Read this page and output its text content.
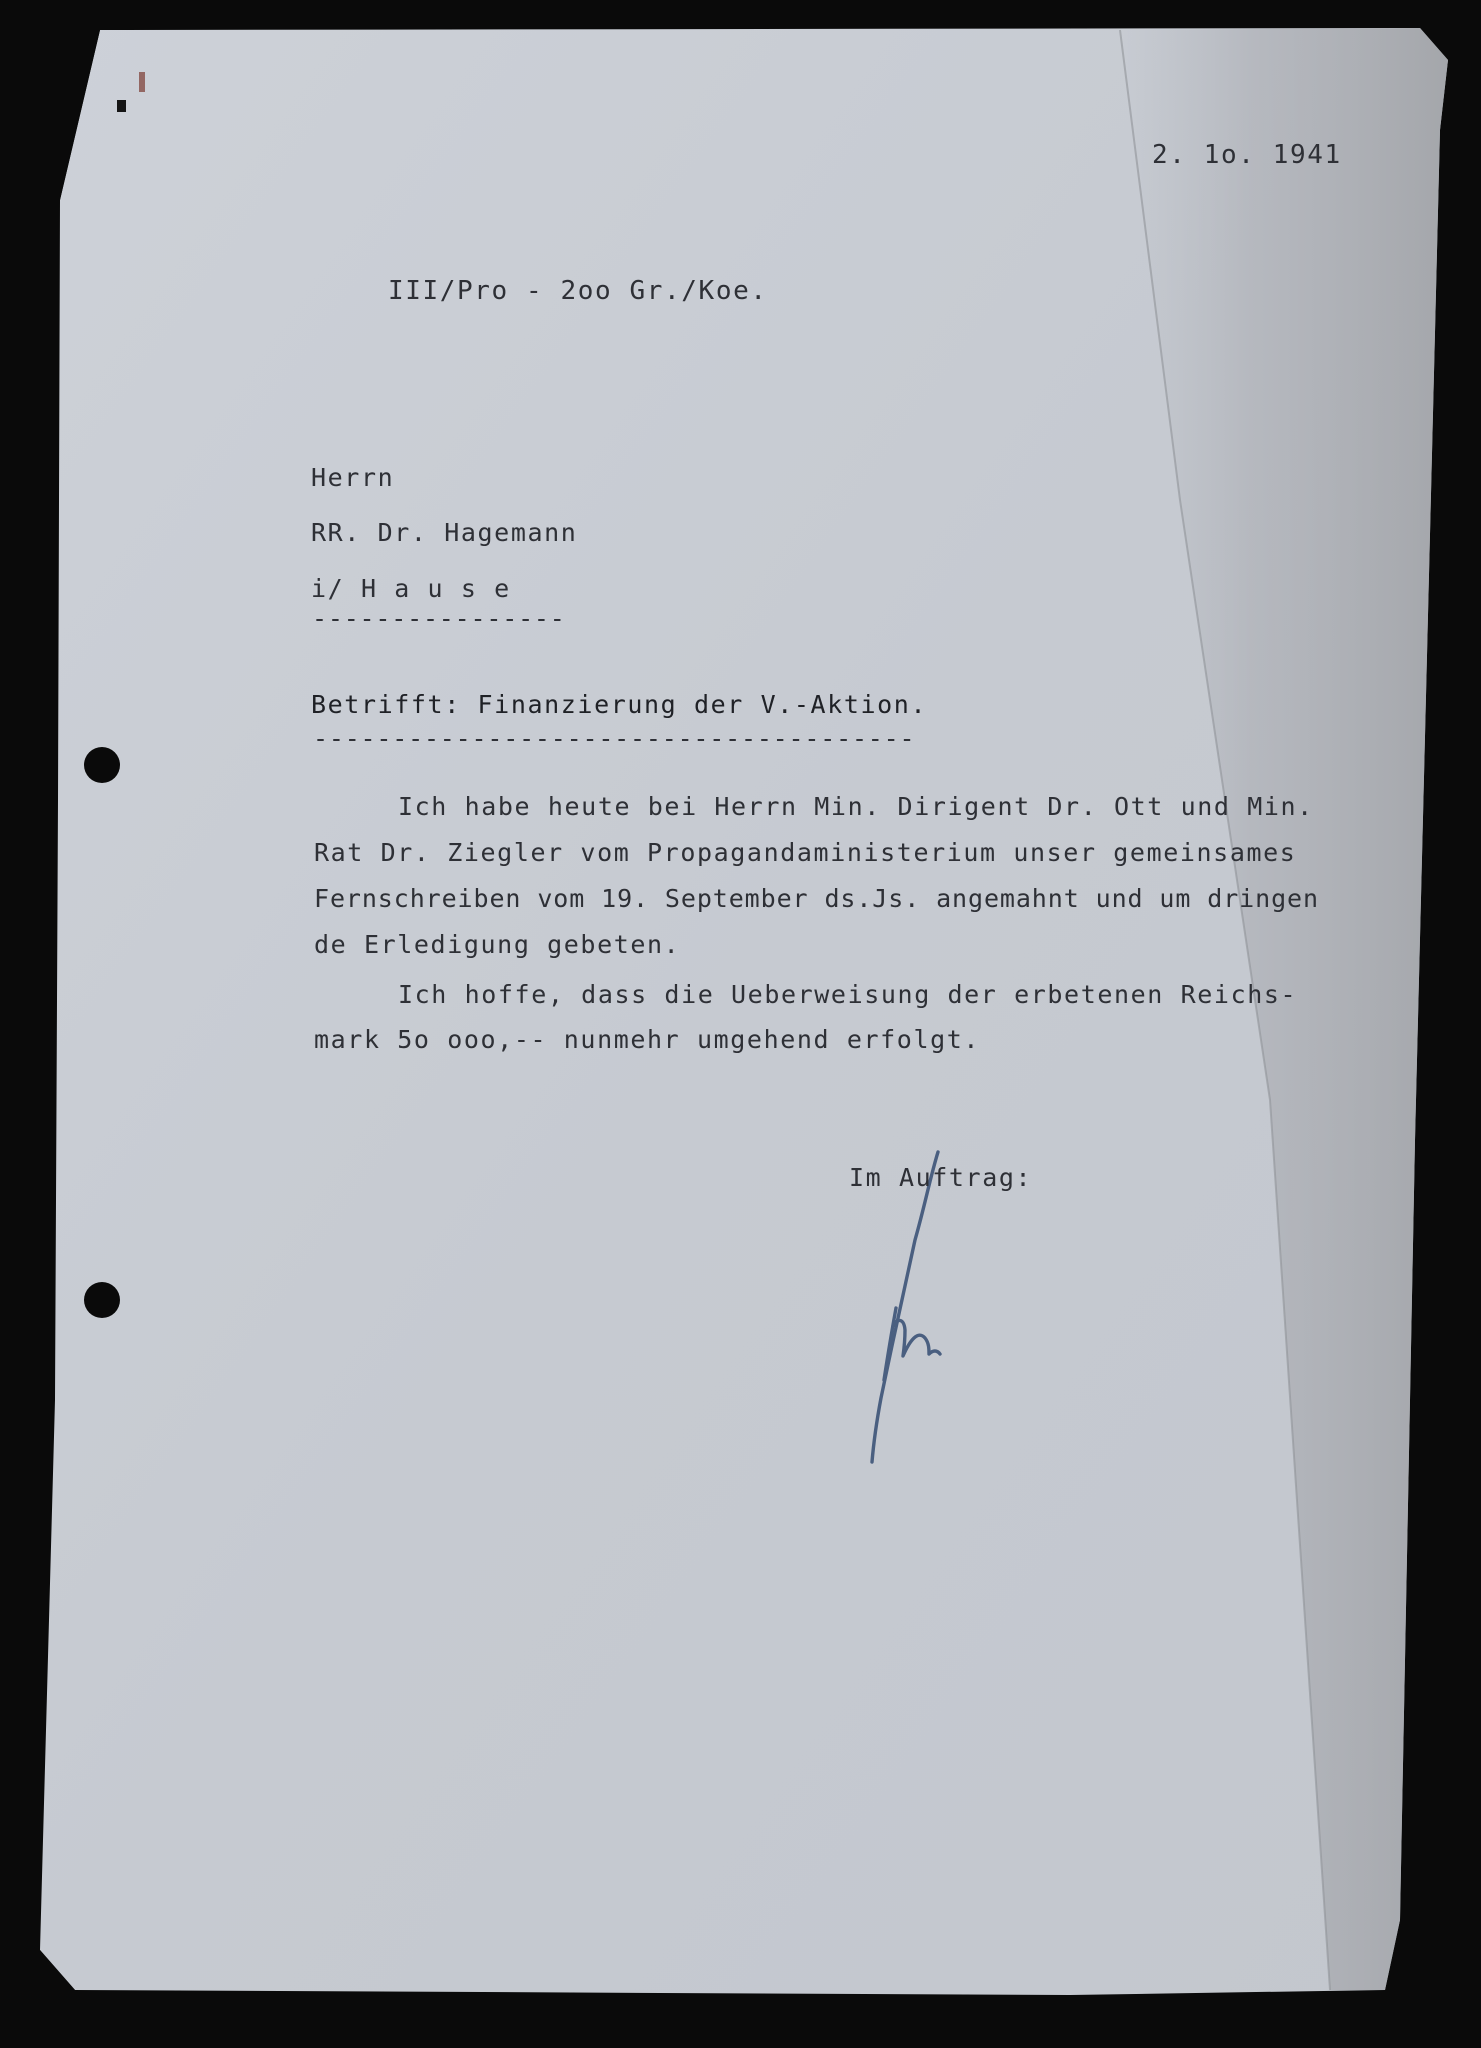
2. 1o. 1941
III/Pro - 2oo Gr./Koe.
Herrn
RR. Dr. Hagemann
i/ H a u s e
----------------
Betrifft: Finanzierung der V.-Aktion.
--------------------------------------
Ich habe heute bei Herrn Min. Dirigent Dr. Ott und Min.
Rat Dr. Ziegler vom Propagandaministerium unser gemeinsames
Fernschreiben vom 19. September ds.Js. angemahnt und um dringen
de Erledigung gebeten.
Ich hoffe, dass die Ueberweisung der erbetenen Reichs-
mark 5o ooo,-- nunmehr umgehend erfolgt.
Im Auftrag:
